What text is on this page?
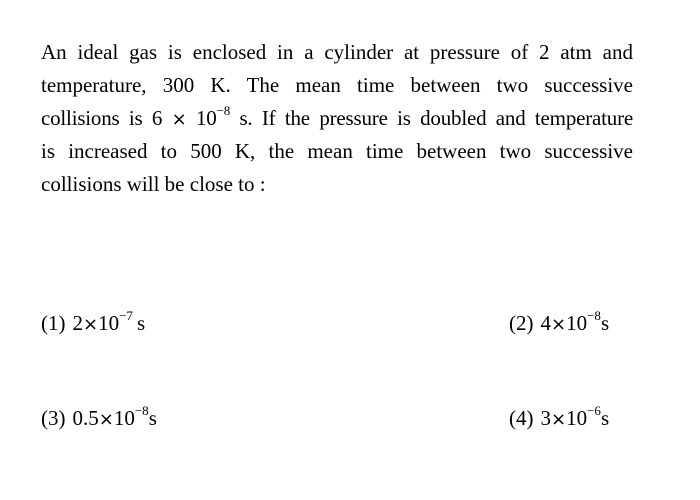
An ideal gas is enclosed in a cylinder at pressure of 2 atm and
temperature, 300 K. The mean time between two successive
collisions is $6 \times 10^{-8}$ s. If the pressure is doubled and temperature
is increased to 500 K, the mean time between two successive
collisions will be close to :
(1) $2\times 10^{-7}$ s	(2) $4\times 10^{-8}s$
(3) $0.5\times 10^{-8}s$	(4) $3\times 10^{-6}s$
